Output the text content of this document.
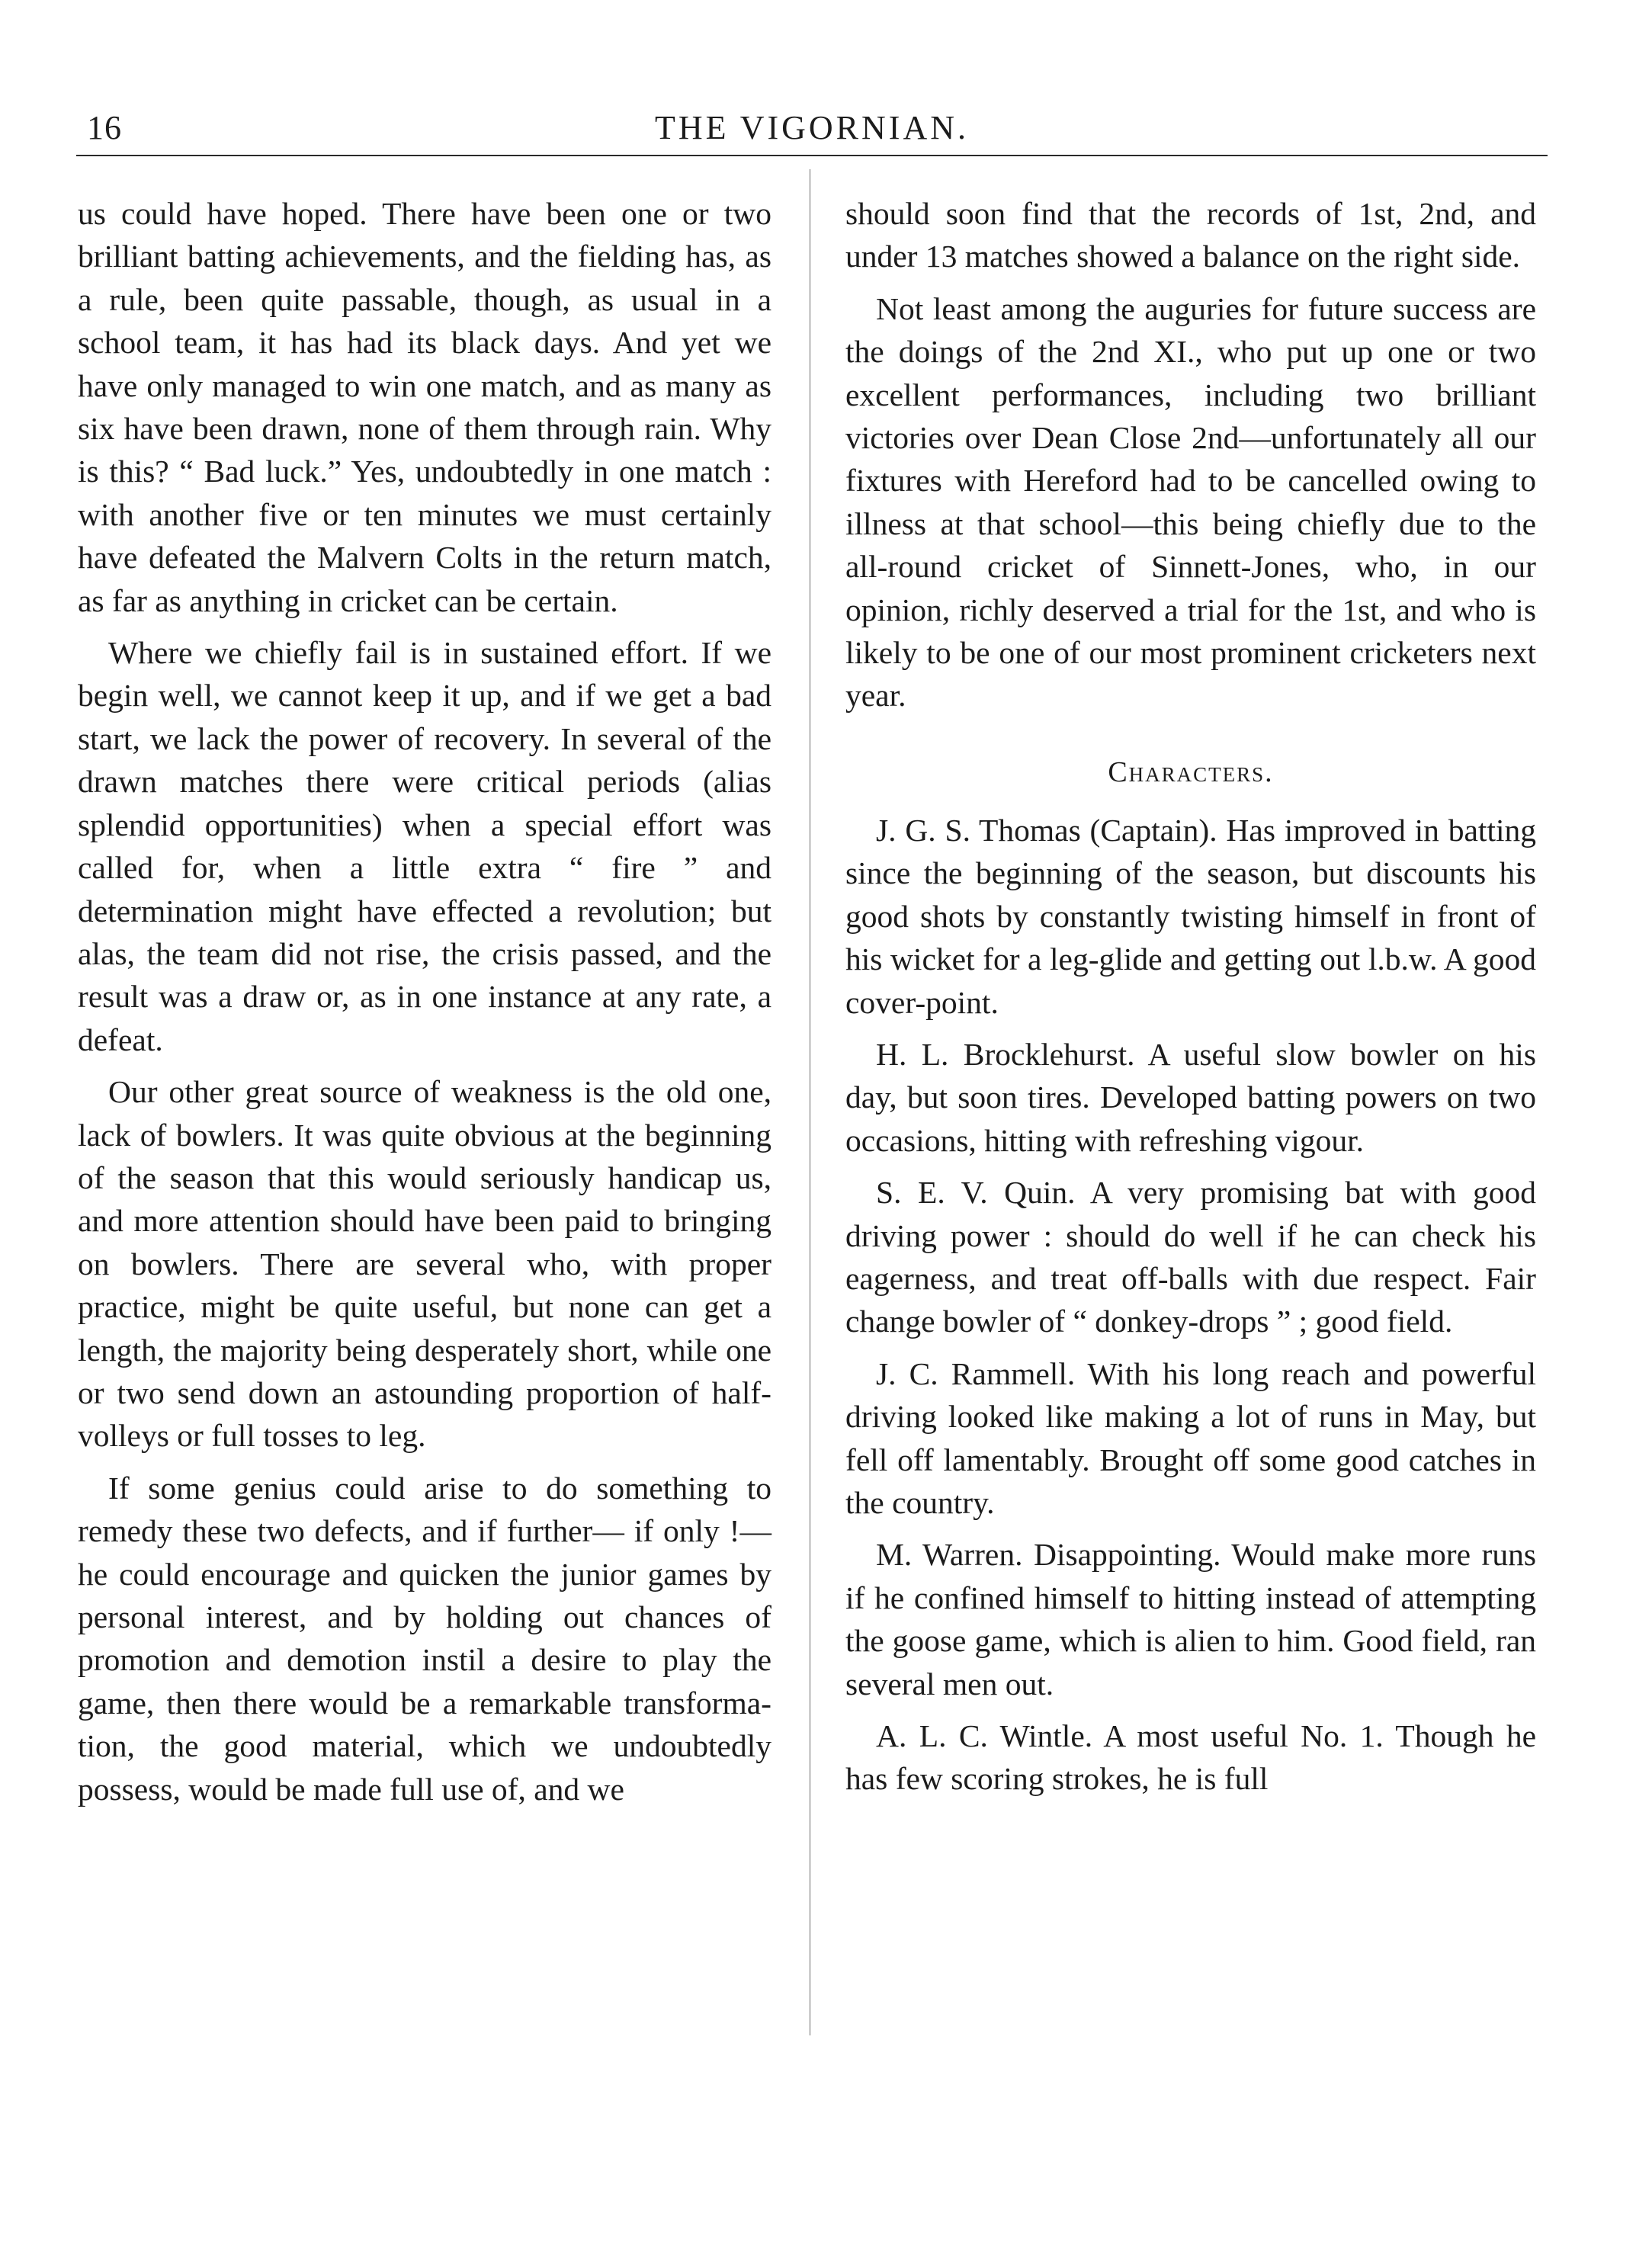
16	THE VIGORNIAN.

us could have hoped. There have been one or two brilliant batting achievements, and the fielding has, as a rule, been quite passable, though, as usual in a school team, it has had its black days. And yet we have only managed to win one match, and as many as six have been drawn, none of them through rain. Why is this? “ Bad luck.” Yes, undoubtedly in one match : with another five or ten minutes we must certainly have defeated the Malvern Colts in the return match, as far as anything in cricket can be certain.

Where we chiefly fail is in sustained effort. If we begin well, we cannot keep it up, and if we get a bad start, we lack the power of recovery. In several of the drawn matches there were critical periods (alias splendid opportunities) when a special effort was called for, when a little extra “ fire ” and determination might have effected a revolution; but alas, the team did not rise, the crisis passed, and the result was a draw or, as in one instance at any rate, a defeat.

Our other great source of weakness is the old one, lack of bowlers. It was quite obvious at the beginning of the season that this would seriously handicap us, and more attention should have been paid to bringing on bowlers. There are several who, with proper practice, might be quite useful, but none can get a length, the majority being desperately short, while one or two send down an astounding proportion of half-volleys or full tosses to leg.

If some genius could arise to do something to remedy these two defects, and if further— if only !—he could encourage and quicken the junior games by personal interest, and by holding out chances of promotion and demotion instil a desire to play the game, then there would be a remarkable transformation, the good material, which we undoubtedly possess, would be made full use of, and we

should soon find that the records of 1st, 2nd, and under 13 matches showed a balance on the right side.

Not least among the auguries for future success are the doings of the 2nd XI., who put up one or two excellent performances, including two brilliant victories over Dean Close 2nd—unfortunately all our fixtures with Hereford had to be cancelled owing to illness at that school—this being chiefly due to the all-round cricket of Sinnett-Jones, who, in our opinion, richly deserved a trial for the 1st, and who is likely to be one of our most prominent cricketers next year.

Characters.

J. G. S. Thomas (Captain). Has improved in batting since the beginning of the season, but discounts his good shots by constantly twisting himself in front of his wicket for a leg-glide and getting out l.b.w. A good cover-point.

H. L. Brocklehurst. A useful slow bowler on his day, but soon tires. Developed batting powers on two occasions, hitting with refreshing vigour.

S. E. V. Quin. A very promising bat with good driving power : should do well if he can check his eagerness, and treat off-balls with due respect. Fair change bowler of “ donkey-drops ” ; good field.

J. C. Rammell. With his long reach and powerful driving looked like making a lot of runs in May, but fell off lamentably. Brought off some good catches in the country.

M. Warren. Disappointing. Would make more runs if he confined himself to hitting instead of attempting the goose game, which is alien to him. Good field, ran several men out.

A. L. C. Wintle. A most useful No. 1. Though he has few scoring strokes, he is full
